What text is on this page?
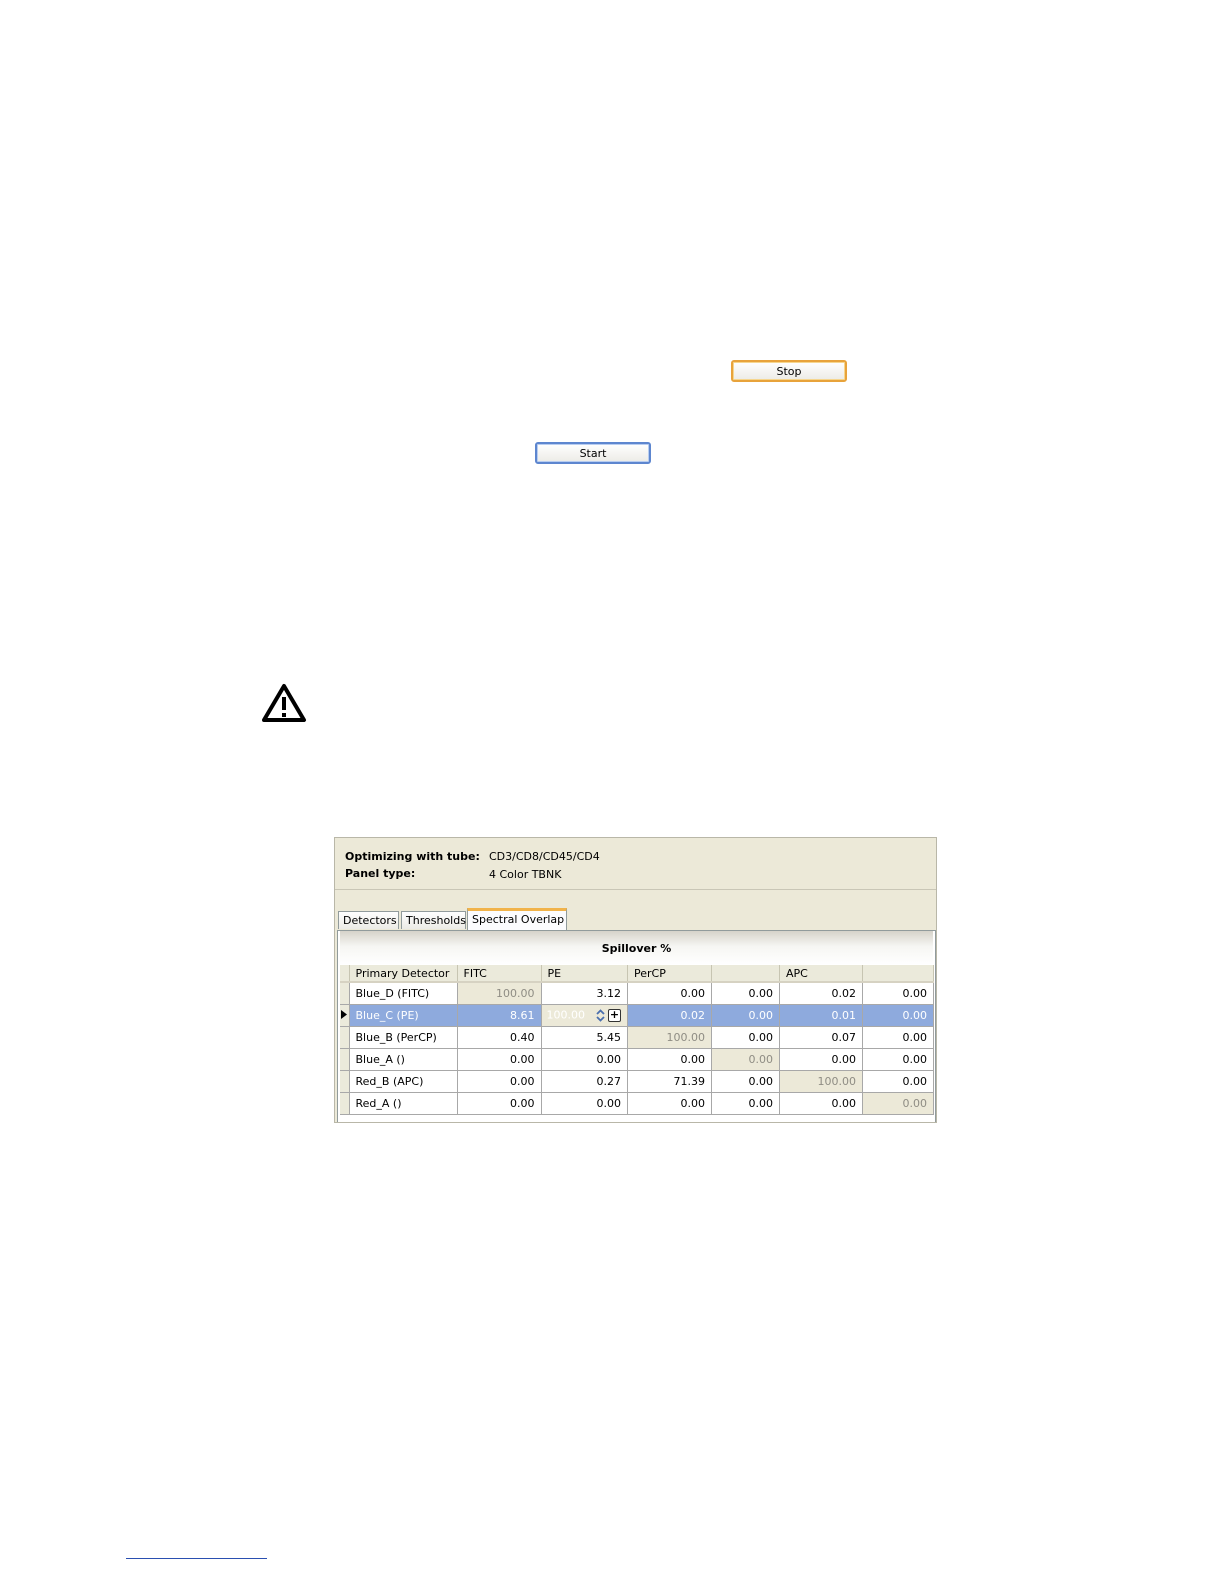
Stop
Start
Optimizing with tube: CD3/CD8/CD45/CD4
Panel type:	4 Color TBNK
Detectors Thresholds Spectral Overlap
Spillover %
	Primary Detector	FITC	PE	PerCP		APC	
	Blue_D (FITC)	100.00	3.12	0.00	0.00	0.02	0.00
	Blue_C (PE)	8.61	100.00 +	0.02	0.00	0.01	0.00
	Blue_B (PerCP)	0.40	5.45	100.00	0.00	0.07	0.00
	Blue_A ()	0.00	0.00	0.00	0.00	0.00	0.00
	Red_B (APC)	0.00	0.27	71.39	0.00	100.00	0.00
	Red_A ()	0.00	0.00	0.00	0.00	0.00	0.00
